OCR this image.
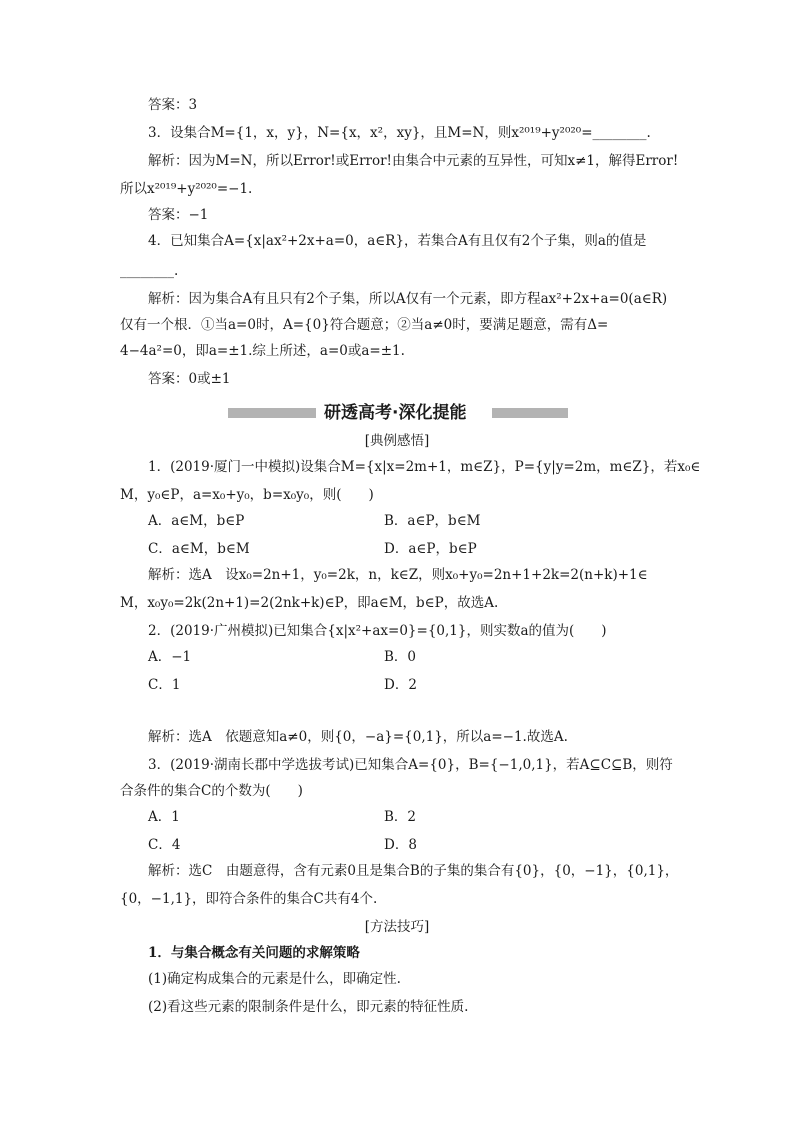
答案：3
3．设集合M={1，x，y}，N={x，x²，xy}，且M=N，则x²⁰¹⁹+y²⁰²⁰=________.
解析：因为M=N，所以Error!或Error!由集合中元素的互异性，可知x≠1，解得Error!
所以x²⁰¹⁹+y²⁰²⁰=−1.
答案：−1
4．已知集合A={x|ax²+2x+a=0，a∈R}，若集合A有且仅有2个子集，则a的值是
________.
解析：因为集合A有且只有2个子集，所以A仅有一个元素，即方程ax²+2x+a=0(a∈R)
仅有一个根．①当a=0时，A={0}符合题意；②当a≠0时，要满足题意，需有Δ=
4−4a²=0，即a=±1.综上所述，a=0或a=±1.
答案：0或±1
研透高考·深化提能
[典例感悟]
1．(2019·厦门一中模拟)设集合M={x|x=2m+1，m∈Z}，P={y|y=2m，m∈Z}，若x₀∈
M，y₀∈P，a=x₀+y₀，b=x₀y₀，则(　　)
A．a∈M，b∈P	B．a∈P，b∈M
C．a∈M，b∈M	D．a∈P，b∈P
解析：选A　设x₀=2n+1，y₀=2k，n，k∈Z，则x₀+y₀=2n+1+2k=2(n+k)+1∈
M，x₀y₀=2k(2n+1)=2(2nk+k)∈P，即a∈M，b∈P，故选A.
2．(2019·广州模拟)已知集合{x|x²+ax=0}={0,1}，则实数a的值为(　　)
A．−1	B．0
C．1	D．2
解析：选A　依题意知a≠0，则{0，−a}={0,1}，所以a=−1.故选A.
3．(2019·湖南长郡中学选拔考试)已知集合A={0}，B={−1,0,1}，若A⊆C⊆B，则符
合条件的集合C的个数为(　　)
A．1	B．2
C．4	D．8
解析：选C　由题意得，含有元素0且是集合B的子集的集合有{0}，{0，−1}，{0,1}，
{0，−1,1}，即符合条件的集合C共有4个.
[方法技巧]
1．与集合概念有关问题的求解策略
(1)确定构成集合的元素是什么，即确定性.
(2)看这些元素的限制条件是什么，即元素的特征性质.
